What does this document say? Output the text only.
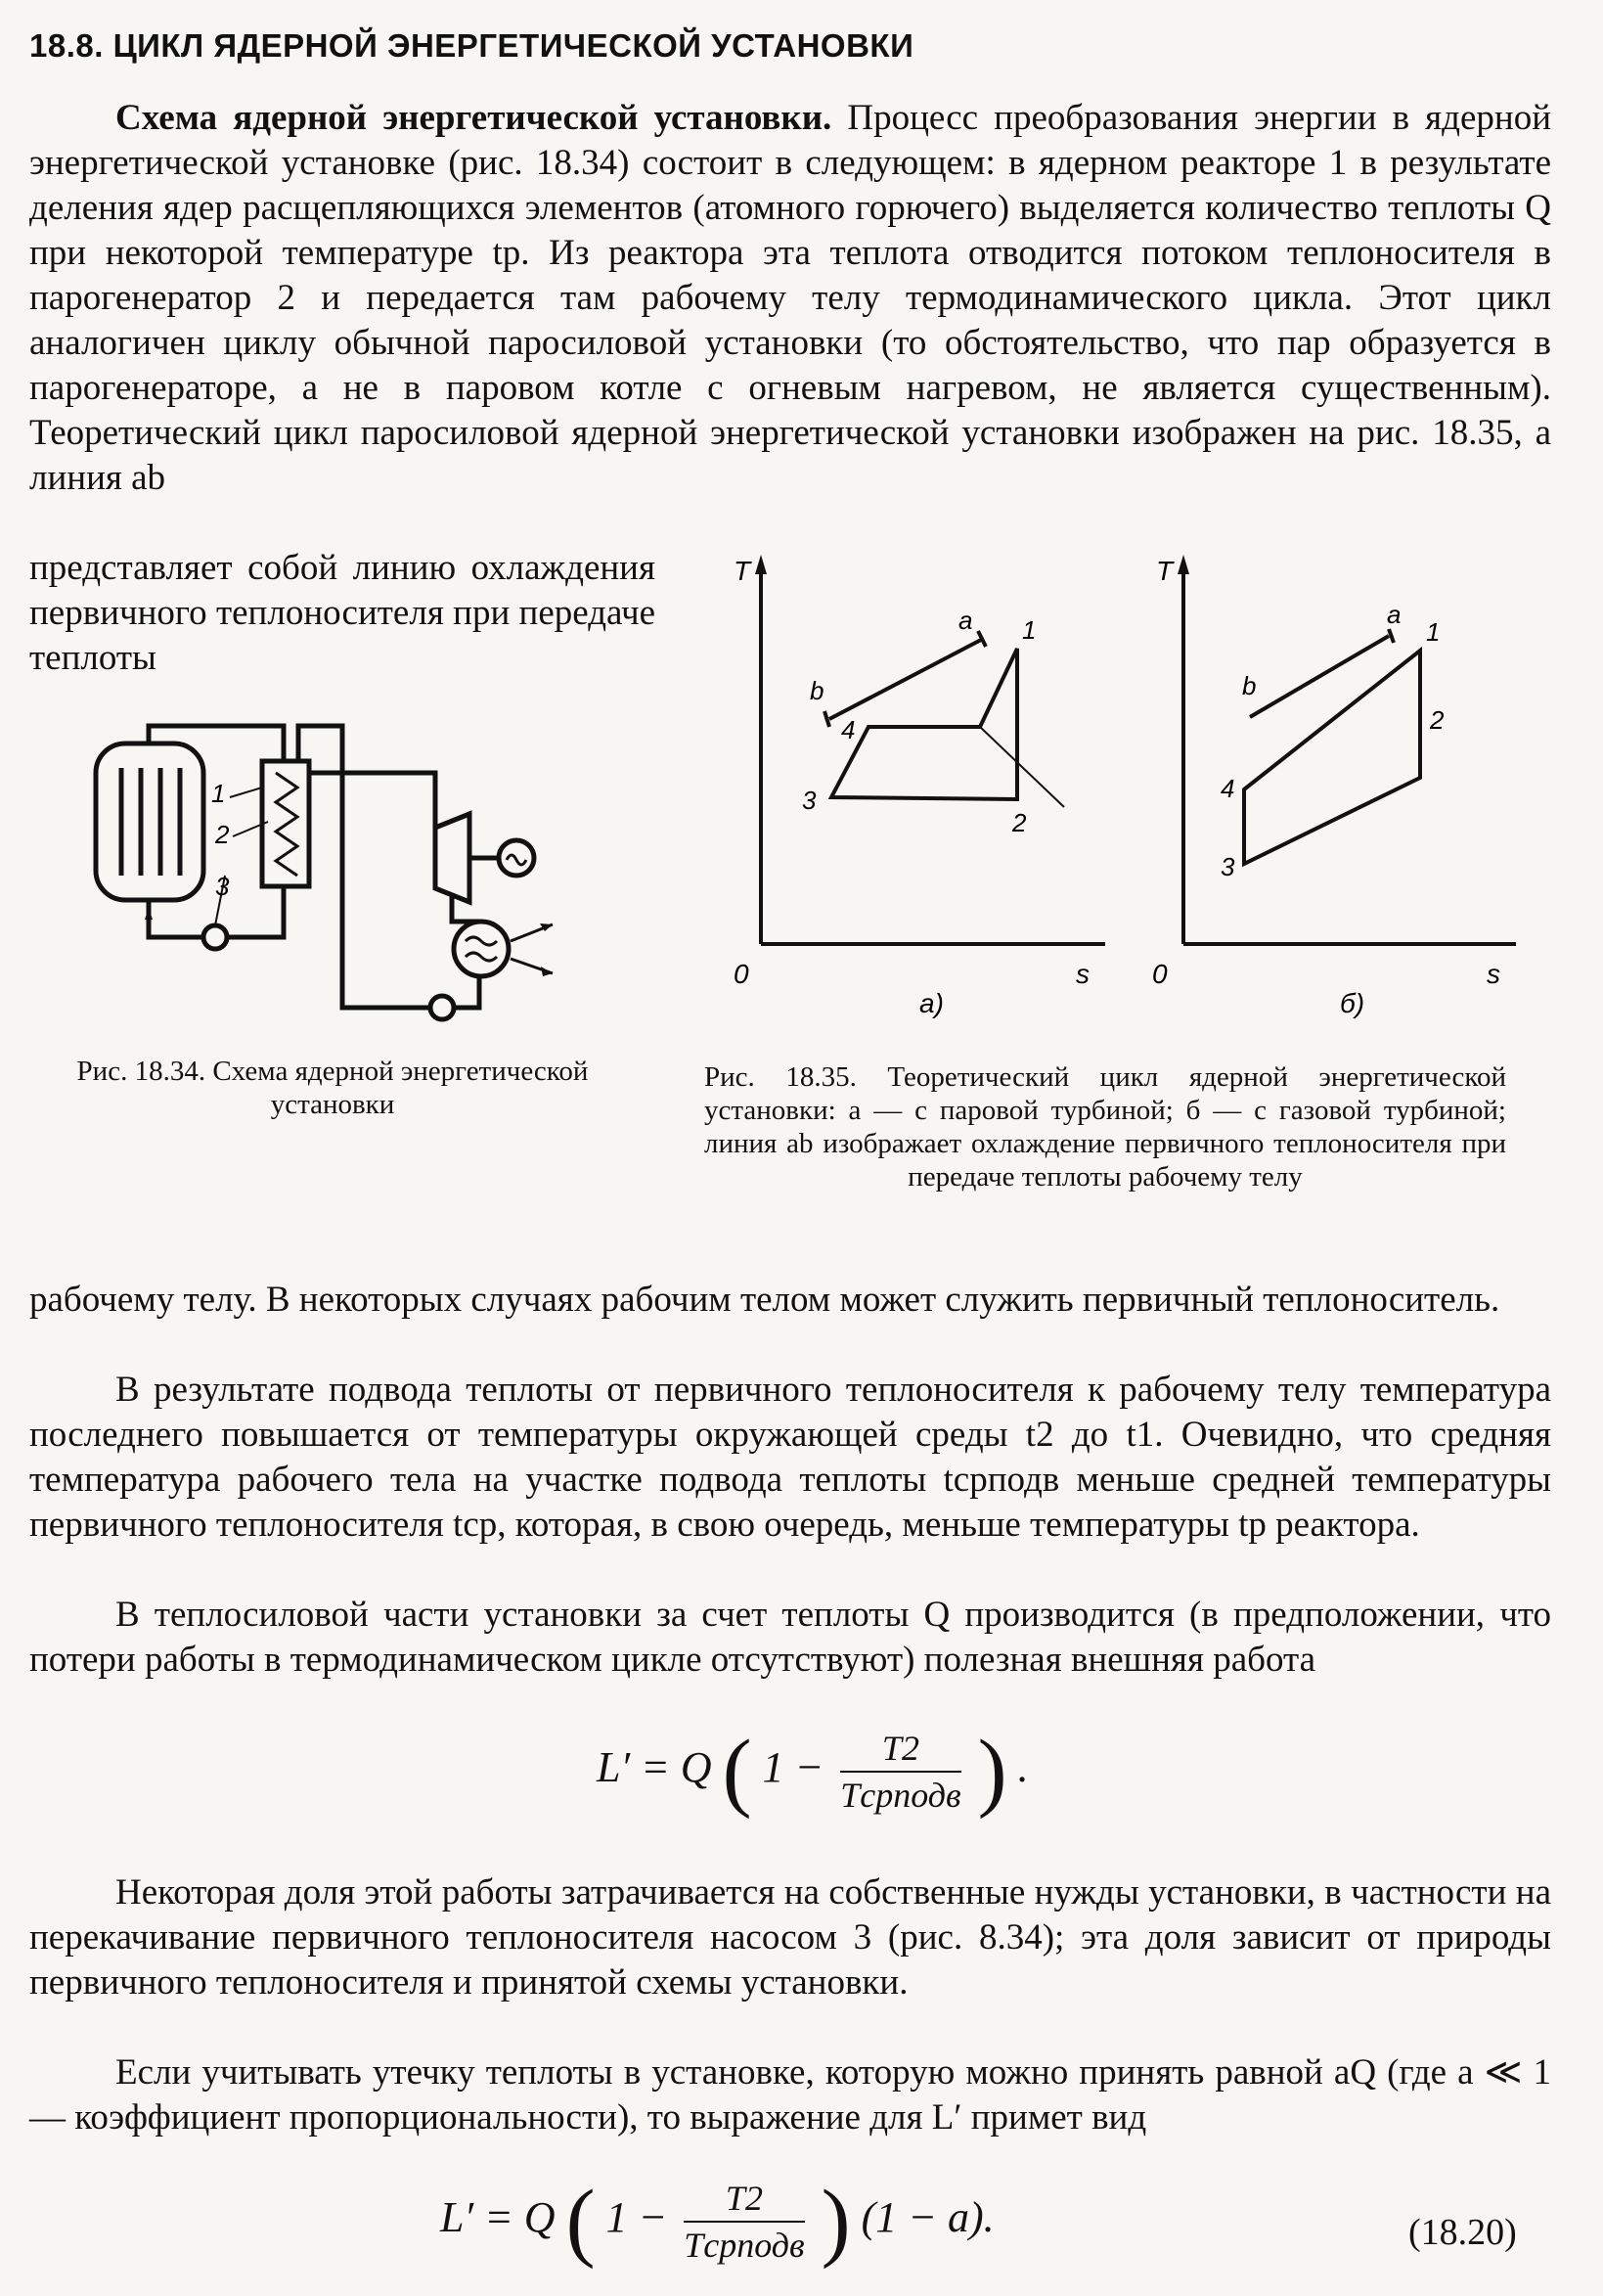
18.8. ЦИКЛ ЯДЕРНОЙ ЭНЕРГЕТИЧЕСКОЙ УСТАНОВКИ
Схема ядерной энергетической установки. Процесс преобразования энергии в ядерной энергетической установке (рис. 18.34) состоит в следующем: в ядерном реакторе 1 в результате деления ядер расщепляющихся элементов (атомного горючего) выделяется количество теплоты Q при некоторой температуре tр. Из реактора эта теплота отводится потоком теплоносителя в парогенератор 2 и передается там рабочему телу термодинамического цикла. Этот цикл аналогичен циклу обычной паросиловой установки (то обстоятельство, что пар образуется в парогенераторе, а не в паровом котле с огневым нагревом, не является существенным). Теоретический цикл паросиловой ядерной энергетической установки изображен на рис. 18.35, а линия ab
представляет собой линию охлаждения первичного теплоносителя при передаче теплоты
1
2
3
Рис. 18.34. Схема ядерной энергетической установки
T
0	s
a
b
1
2
3
4
a)
T
0	s
a
b
1
2
3
4
б)
Рис. 18.35. Теоретический цикл ядерной энергетической установки: а — с паровой турбиной; б — с газовой турбиной; линия ab изображает охлаждение первичного теплоносителя при передаче теплоты рабочему телу
рабочему телу. В некоторых случаях рабочим телом может служить первичный теплоноситель.
В результате подвода теплоты от первичного теплоносителя к рабочему телу температура последнего повышается от температуры окружающей среды t2 до t1. Очевидно, что средняя температура рабочего тела на участке подвода теплоты tсрподв меньше средней температуры первичного теплоносителя tср, которая, в свою очередь, меньше температуры tр реактора.
В теплосиловой части установки за счет теплоты Q производится (в предположении, что потери работы в термодинамическом цикле отсутствуют) полезная внешняя работа
L′ = Q ( $1 - \frac{T2}{\text{Tсрподв}}$ ) .
Некоторая доля этой работы затрачивается на собственные нужды установки, в частности на перекачивание первичного теплоносителя насосом 3 (рис. 8.34); эта доля зависит от природы первичного теплоносителя и принятой схемы установки.
Если учитывать утечку теплоты в установке, которую можно принять равной aQ (где a ≪ 1 — коэффициент пропорциональности), то выражение для L′ примет вид
L′ = Q ( $1 - \frac{T2}{\text{Tсрподв}}$ ) (1 − a).	(18.20)
